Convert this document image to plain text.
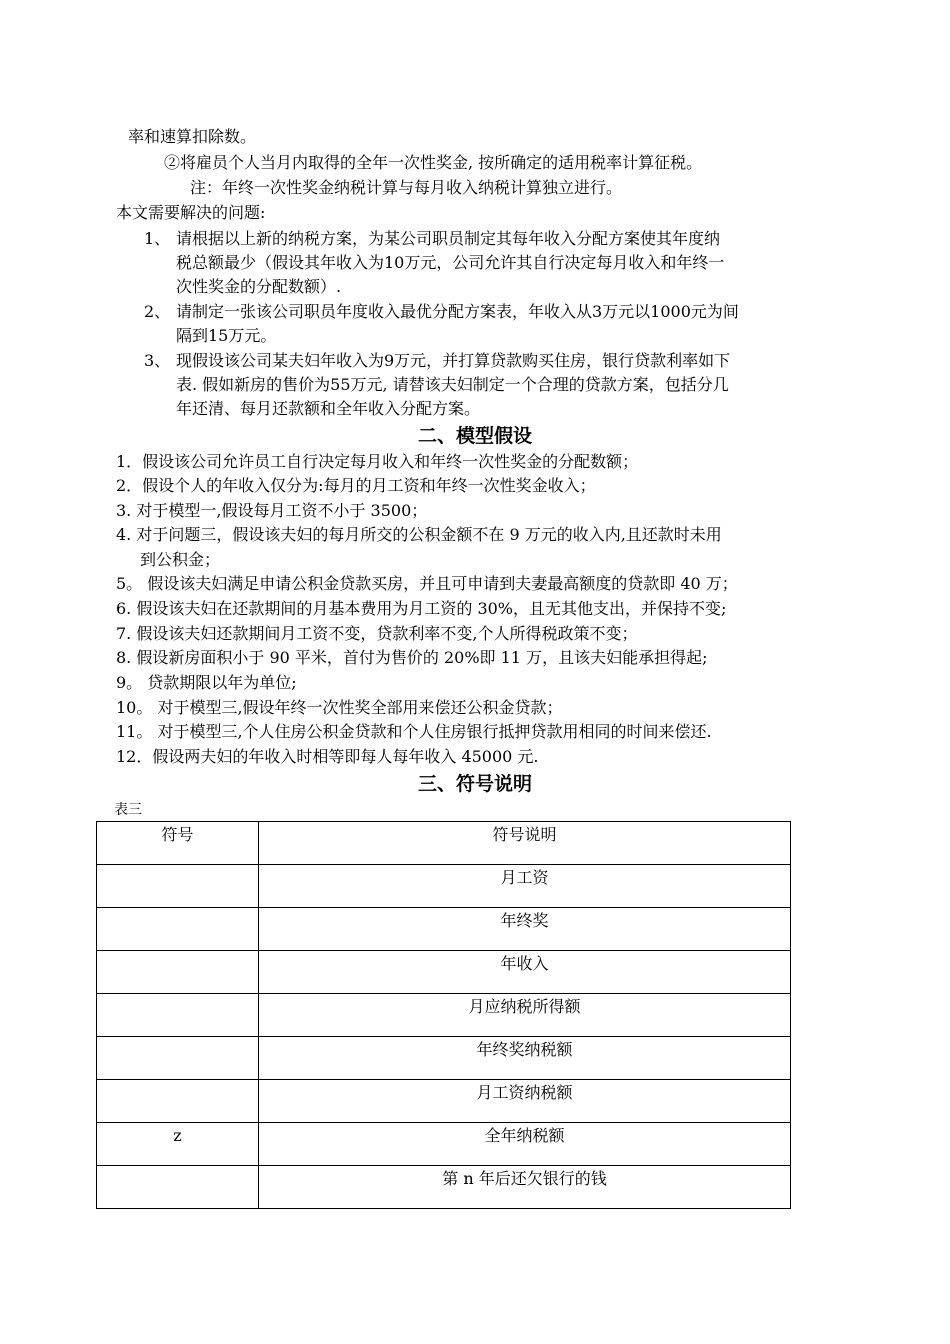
率和速算扣除数。
②将雇员个人当月内取得的全年一次性奖金, 按所确定的适用税率计算征税。
注：年终一次性奖金纳税计算与每月收入纳税计算独立进行。
本文需要解决的问题:
1、 请根据以上新的纳税方案，为某公司职员制定其每年收入分配方案使其年度纳
税总额最少（假设其年收入为10万元，公司允许其自行决定每月收入和年终一
次性奖金的分配数额）.
2、 请制定一张该公司职员年度收入最优分配方案表，年收入从3万元以1000元为间
隔到15万元。
3、 现假设该公司某夫妇年收入为9万元，并打算贷款购买住房，银行贷款利率如下
表. 假如新房的售价为55万元, 请替该夫妇制定一个合理的贷款方案，包括分几
年还清、每月还款额和全年收入分配方案。
二、模型假设
1．假设该公司允许员工自行决定每月收入和年终一次性奖金的分配数额；
2．假设个人的年收入仅分为:每月的月工资和年终一次性奖金收入；
3. 对于模型一,假设每月工资不小于 3500；
4. 对于问题三，假设该夫妇的每月所交的公积金额不在 9 万元的收入内,且还款时未用
到公积金；
5。 假设该夫妇满足申请公积金贷款买房，并且可申请到夫妻最高额度的贷款即 40 万；
6. 假设该夫妇在还款期间的月基本费用为月工资的 30%，且无其他支出，并保持不变;
7. 假设该夫妇还款期间月工资不变，贷款利率不变,个人所得税政策不变；
8. 假设新房面积小于 90 平米，首付为售价的 20%即 11 万，且该夫妇能承担得起;
9。 贷款期限以年为单位;
10。 对于模型三,假设年终一次性奖全部用来偿还公积金贷款；
11。 对于模型三,个人住房公积金贷款和个人住房银行抵押贷款用相同的时间来偿还.
12．假设两夫妇的年收入时相等即每人每年收入 45000 元.
三、符号说明
表三
符号	符号说明
	月工资
	年终奖
	年收入
	月应纳税所得额
	年终奖纳税额
	月工资纳税额
z	全年纳税额
	第 n 年后还欠银行的钱
